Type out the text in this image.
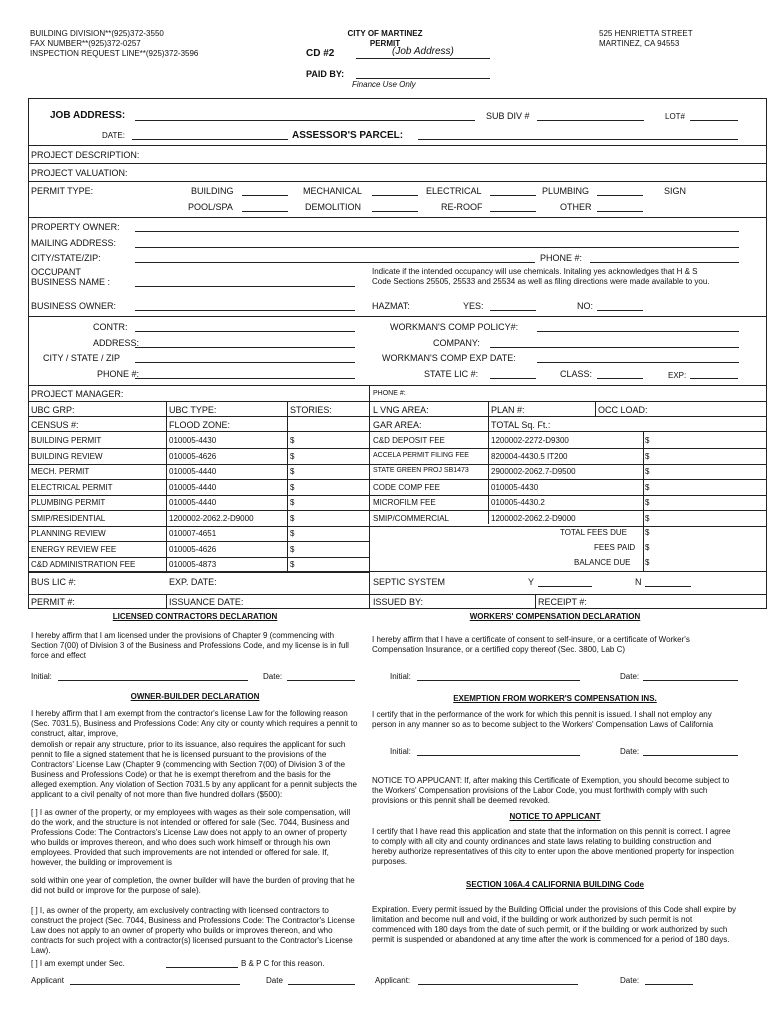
BUILDING DIVISION**(925)372-3550
FAX NUMBER**(925)372-0257
INSPECTION REQUEST LINE**(925)372-3596
CITY OF MARTINEZ
PERMIT
CD #2	(Job Address)
PAID BY:
Finance Use Only
525 HENRIETTA STREET
MARTINEZ, CA 94553
JOB ADDRESS:	SUB DIV #	LOT#
DATE:	ASSESSOR'S PARCEL:
PROJECT DESCRIPTION:
PROJECT VALUATION:
PERMIT TYPE:	BUILDING	MECHANICAL	ELECTRICAL	PLUMBING	SIGN
POOL/SPA	DEMOLITION	RE-ROOF	OTHER
PROPERTY OWNER:
MAILING ADDRESS:
CITY/STATE/ZIP:	PHONE #:
OCCUPANT
BUSINESS NAME :
Indicate if the intended occupancy will use chemicals. Initaling yes acknowledges that H & S Code Sections 25505, 25533 and 25534 as well as filing directions were made available to you.
BUSINESS OWNER:	HAZMAT:	YES:	NO:
CONTR:	WORKMAN'S COMP POLICY#:
ADDRESS:	COMPANY:
CITY / STATE / ZIP	WORKMAN'S COMP EXP DATE:
PHONE #:	STATE LIC #:	CLASS:	EXP:
PROJECT MANAGER:	PHONE #:
UBC GRP:	UBC TYPE:	STORIES:	L VNG AREA:	PLAN #:	OCC LOAD:
CENSUS #:	FLOOD ZONE:	GAR AREA:	TOTAL Sq. Ft.:
TOTAL FEES DUE $
FEES PAID $
BALANCE DUE $
BUS LIC #:	EXP. DATE:	SEPTIC SYSTEM	Y	N
PERMIT #:	ISSUANCE DATE:	ISSUED BY:	RECEIPT #:
LICENSED CONTRACTORS DECLARATION
I hereby affirm that I am licensed under the provisions of Chapter 9 (commencing with Section 7(00) of Division 3 of the Business and Professions Code, and my license is in full force and effect
Initial:	Date:
OWNER-BUILDER DECLARATION
I hereby affirm that I am exempt from the contractor's license Law for the following reason (Sec. 7031.5), Business and Professions Code: Any city or county which requires a pennit to construct, altar, improve,
demolish or repair any structure, prior to its issuance, also requires the applicant for such pennit to file a signed statement that he is licensed pursuant to the provisions of the Contractors' License Law (Chapter 9 (commencing with Section 7(00) of Division 3 of the Business and Professions Code) or that he is exempt therefrom and the basis for the alleged exemption. Any violation of Section 7031.5 by any applicant for a pennit subjects the applicant to a civil penalty of not more than five hundred dollars ($500):
[ ] I as owner of the property, or my employees with wages as their sole compensation, will do the work, and the structure is not intended or offered for sale (Sec. 7044, Business and Professions Code: The Contractors's License Law does not apply to an owner of property who builds or improves thereon, and who does such work himself or through his own employees. Provided that such improvements are not intended or offered for sale. If, however, the building or improvement is
sold within one year of completion, the owner builder will have the burden of proving that he did not build or improve for the purpose of sale).
[ ] I, as owner of the property, am exclusively contracting with licensed contractors to construct the project (Sec. 7044, Business and Professions Code: The Contractor's License Law does not apply to an owner of property who builds or improves thereon, and who contracts for such project with a contractor(s) licensed pursuant to the Contractor's License Law).
[ ] I am exempt under Sec.	B & P C for this reason.
Applicant	Date
WORKERS' COMPENSATION DECLARATION
I hereby affirm that I have a certificate of consent to self-insure, or a certificate of Worker's Compensation Insurance, or a certified copy thereof (Sec. 3800, Lab C)
Initial:	Date:
EXEMPTION FROM WORKER'S COMPENSATION INS.
I certify that in the performance of the work for which this pennit is issued. I shall not employ any person in any manner so as to become subject to the Workers' Compensation Laws of California
Initial:	Date:
NOTICE TO APPUCANT: If, after making this Certificate of Exemption, you should become subject to the Workers' Compensation provisions of the Labor Code, you must forthwith comply with such provisions or this pennit shall be deemed revoked.
NOTICE TO APPLICANT
I certify that I have read this application and state that the information on this pennit is correct. I agree to comply with all city and county ordinances and state laws relating to building construction and hereby authorize representatives of this city to enter upon the above mentioned property for inspection purposes.
SECTION 106A.4 CALIFORNIA BUILDING Code
Expiration. Every permit issued by the Building Official under the provisions of this Code shall expire by limitation and become null and void, if the building or work authorized by such permit is not commenced with 180 days from the date of such permit, or if the building or work authorized by such permit is suspended or abandoned at any time after the work is commenced for a period of 180 days.
Applicant:	Date:
BUILDING PERMIT	010005-4430	$
BUILDING REVIEW	010005-4626	$
MECH. PERMIT	010005-4440	$
ELECTRICAL PERMIT	010005-4440	$
PLUMBING PERMIT	010005-4440	$
SMIP/RESIDENTIAL	1200002-2062.2-D9000	$
PLANNING REVIEW	010007-4651	$
ENERGY REVIEW FEE	010005-4626	$
C&D ADMINISTRATION FEE	010005-4873	$
C&D DEPOSIT FEE	1200002-2272-D9300	$
ACCELA PERMIT FILING FEE	820004-4430.5 IT200	$
STATE GREEN PROJ SB1473	2900002-2062.7-D9500	$
CODE COMP FEE	010005-4430	$
MICROFILM FEE	010005-4430.2	$
SMIP/COMMERCIAL	1200002-2062.2-D9000	$
